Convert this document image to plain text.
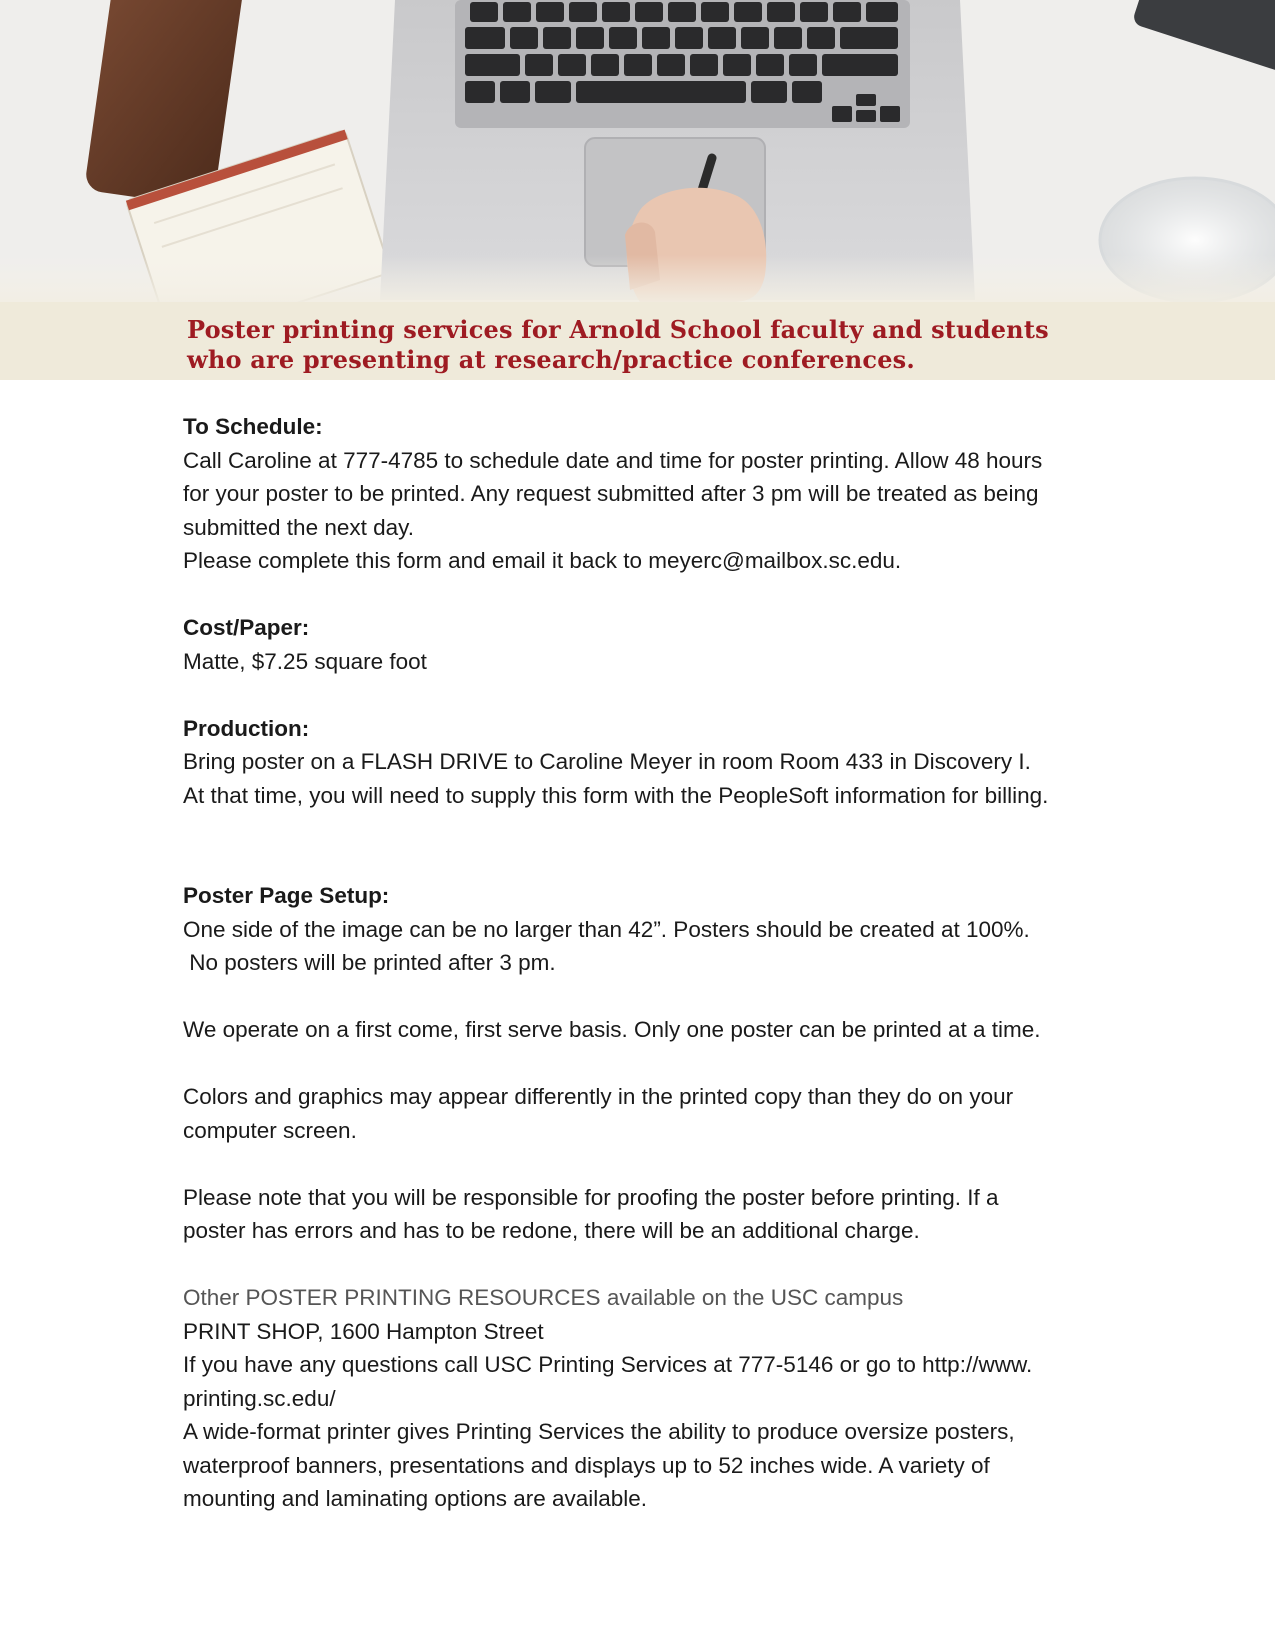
Poster printing services for Arnold School faculty and students
who are presenting at research/practice conferences.

To Schedule:

Call Caroline at 777-4785 to schedule date and time for poster printing. Allow 48 hours
for your poster to be printed. Any request submitted after 3 pm will be treated as being
submitted the next day.
Please complete this form and email it back to meyerc@mailbox.sc.edu.

Cost/Paper:

Matte, $7.25 square foot

Production:

Bring poster on a FLASH DRIVE to Caroline Meyer in room Room 433 in Discovery I.
At that time, you will need to supply this form with the PeopleSoft information for billing.

Poster Page Setup:

One side of the image can be no larger than 42”. Posters should be created at 100%.
No posters will be printed after 3 pm.

We operate on a first come, first serve basis. Only one poster can be printed at a time.

Colors and graphics may appear differently in the printed copy than they do on your
computer screen.

Please note that you will be responsible for proofing the poster before printing. If a
poster has errors and has to be redone, there will be an additional charge.

Other POSTER PRINTING RESOURCES available on the USC campus

PRINT SHOP, 1600 Hampton Street

If you have any questions call USC Printing Services at 777-5146 or go to http://www.
printing.sc.edu/

A wide-format printer gives Printing Services the ability to produce oversize posters,
waterproof banners, presentations and displays up to 52 inches wide. A variety of
mounting and laminating options are available.
